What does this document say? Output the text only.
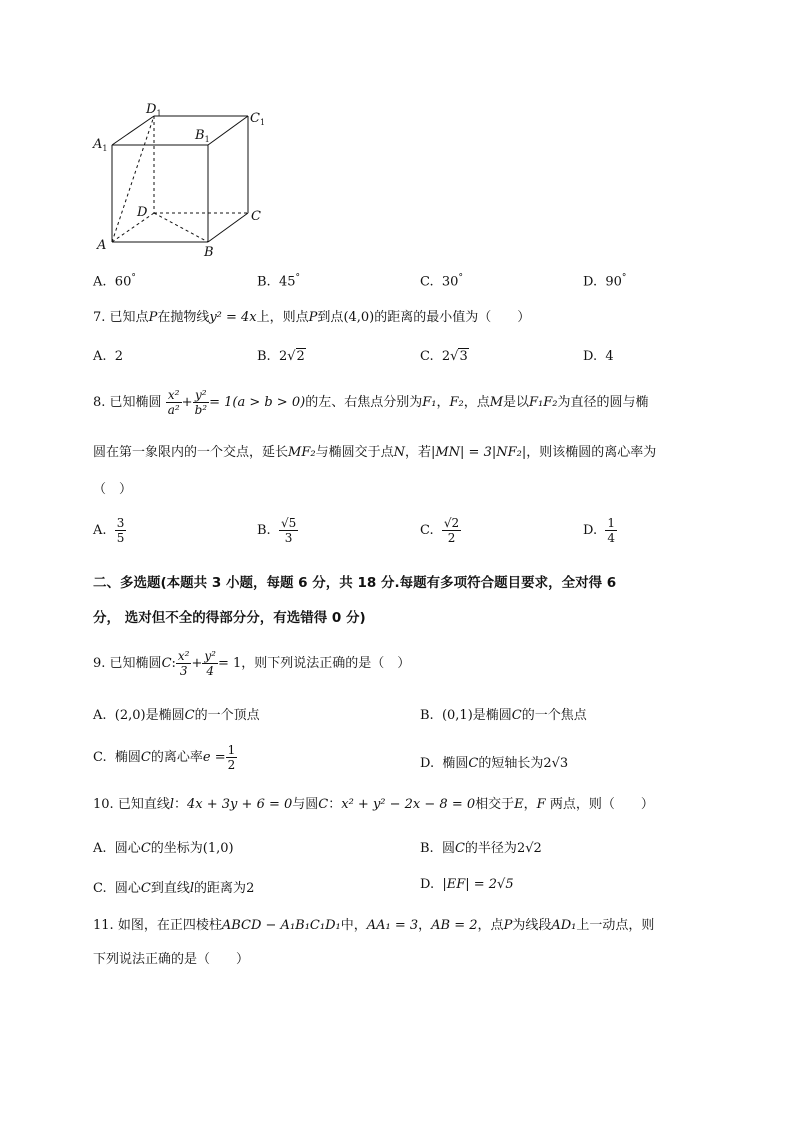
$A_1$
$D_1$	$C_1$
$B_1$
D	C
A	B
A. 60°	B. 45°	C. 30°	D. 90°
7. 已知点P在抛物线y² = 4x上，则点P到点(4,0)的距离的最小值为（　　）
A. 2	B. 2√2	C. 2√3	D. 4
8. 已知椭圆 $\frac{\text{x²}}{\text{a²}} + \frac{\text{y²}}{\text{b²}} = 1(a > b > 0)$的左、右焦点分别为F₁，F₂，点M是以F₁F₂为直径的圆与椭
圆在第一象限内的一个交点，延长MF₂与椭圆交于点N，若|MN| = 3|NF₂|，则该椭圆的离心率为
（　）
A. $\frac{3}{5}$	B. $\frac{√5}{3}$	C. $\frac{√2}{2}$	D. $\frac{1}{4}$
二、多选题(本题共 3 小题，每题 6 分，共 18 分.每题有多项符合题目要求，全对得 6
分， 选对但不全的得部分分，有选错得 0 分)
9. 已知椭圆C: $\frac{\text{x²}}{3} + \frac{\text{y²}}{4} = 1$，则下列说法正确的是（　）
A. (2,0)是椭圆C的一个顶点	B. (0,1)是椭圆C的一个焦点
C. 椭圆C的离心率$e = \frac{1}{2}$	D. 椭圆C的短轴长为2√3
10. 已知直线l：4x + 3y + 6 = 0与圆C：x² + y² − 2x − 8 = 0相交于E，F 两点，则（　　）
A. 圆心C的坐标为(1,0)	B. 圆C的半径为2√2
C. 圆心C到直线l的距离为2	D. |EF| = 2√5
11. 如图，在正四棱柱ABCD − A₁B₁C₁D₁中，AA₁ = 3，AB = 2，点P为线段AD₁上一动点，则
下列说法正确的是（　　）
